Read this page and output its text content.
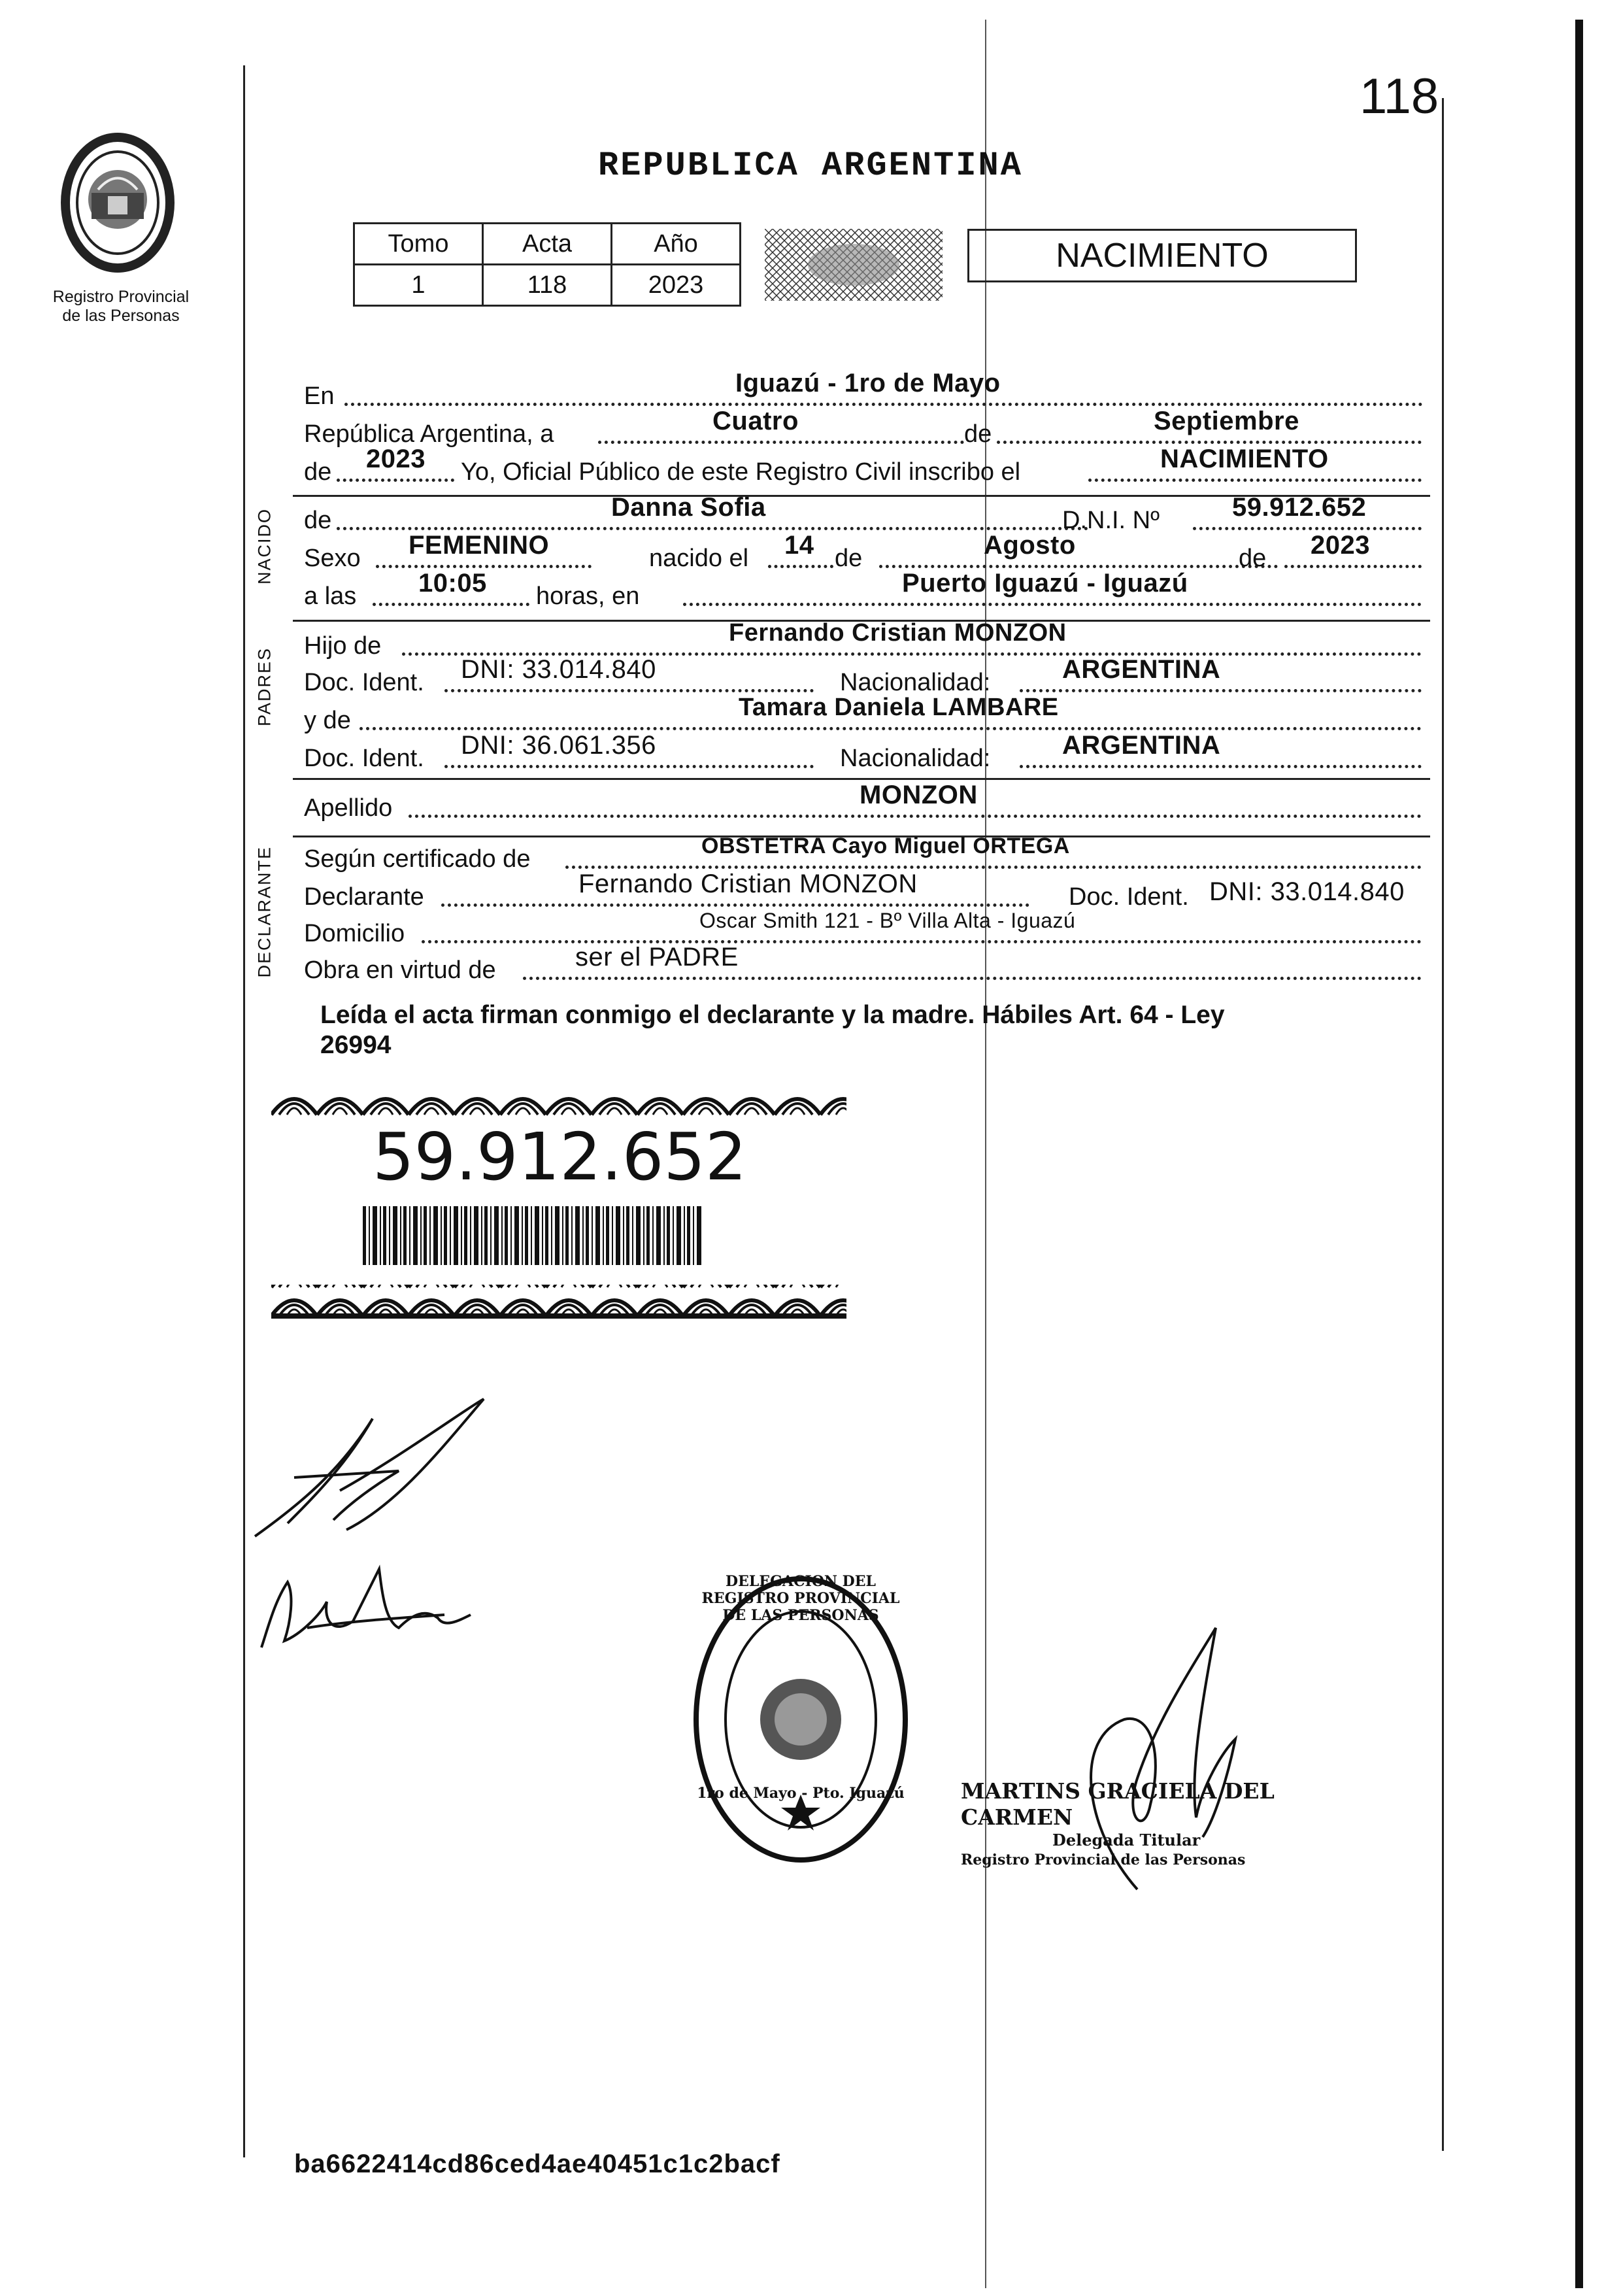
Registro Provincial
de las Personas
118
REPUBLICA ARGENTINA
Tomo	Acta	Año
1	118	2023
NACIMIENTO
En	Iguazú - 1ro de Mayo
República Argentina, a	Cuatro	de	Septiembre
de 2023 Yo, Oficial Público de este Registro Civil inscribo el	NACIMIENTO
NACIDO de	Danna Sofia	D.N.I. Nº	59.912.652
Sexo FEMENINO	nacido el 14 de	Agosto	de 2023
a las 10:05 horas, en	Puerto Iguazú - Iguazú
PADRES
Hijo de	Fernando Cristian MONZON
Doc. Ident. DNI: 33.014.840	Nacionalidad:	ARGENTINA
y de	Tamara Daniela LAMBARE
Doc. Ident. DNI: 36.061.356	Nacionalidad:	ARGENTINA
Apellido	MONZON
DECLARANTE Según certificado de	OBSTETRA Cayo Miguel ORTEGA
Declarante	Fernando Cristian MONZON	Doc. Ident. DNI: 33.014.840
Domicilio	Oscar Smith 121 - Bº Villa Alta - Iguazú
Obra en virtud de	ser el PADRE
Leída el acta firman conmigo el declarante y la madre. Hábiles Art. 64 - Ley
26994
59.912.652
DELEGACION DEL REGISTRO PROVINCIAL DE LAS PERSONAS
1ro de Mayo - Pto. Iguazú	MARTINS GRACIELA DEL CARMEN
Delegada Titular
Registro Provincial de las Personas
ba6622414cd86ced4ae40451c1c2bacf
